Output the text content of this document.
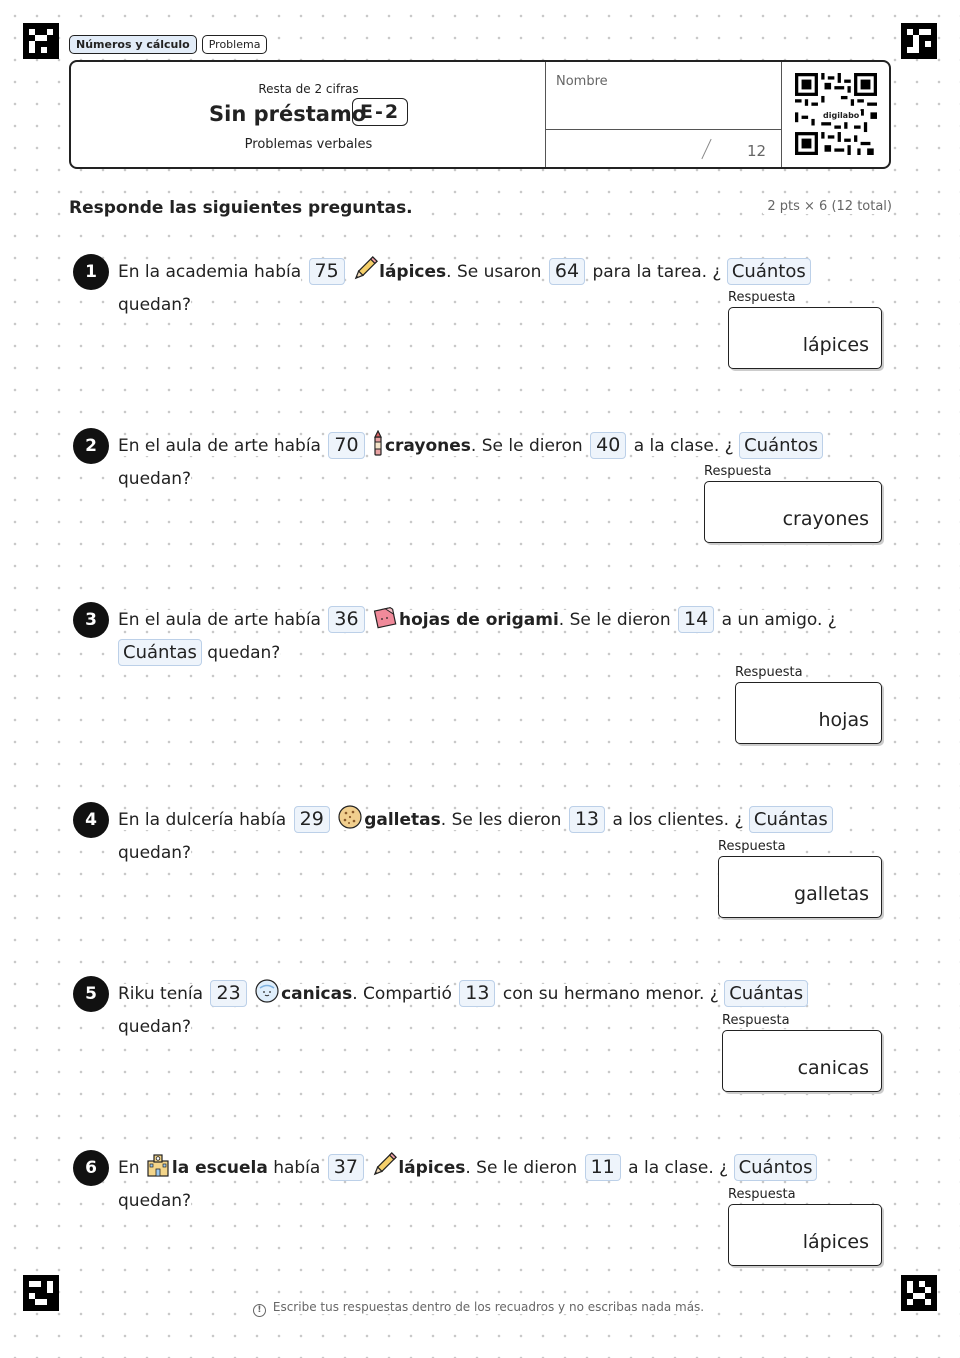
Números y cálculo	Problema
Resta de 2 cifras
Sin préstamo
E-2
Problemas verbales
Nombre
12
digilabo
Responde las siguientes preguntas.	2 pts × 6 (12 total)
1	En la academia había 75 lápices. Se usaron 64 para la tarea. ¿ Cuántos quedan?	Respuesta
lápices
2	En el aula de arte había 70 crayones. Se le dieron 40 a la clase. ¿ Cuántos quedan?	Respuesta
crayones
3	En el aula de arte había 36 hojas de origami. Se le dieron 14 a un amigo. ¿ Cuántas quedan?
Respuesta
hojas
4	En la dulcería había 29 galletas. Se les dieron 13 a los clientes. ¿ Cuántas quedan?	Respuesta
galletas
5	Riku tenía 23 canicas. Compartió 13 con su hermano menor. ¿ Cuántas quedan?	Respuesta
canicas
6	En la escuela había 37 lápices. Se le dieron 11 a la clase. ¿ Cuántos quedan?	Respuesta
lápices
! Escribe tus respuestas dentro de los recuadros y no escribas nada más.
